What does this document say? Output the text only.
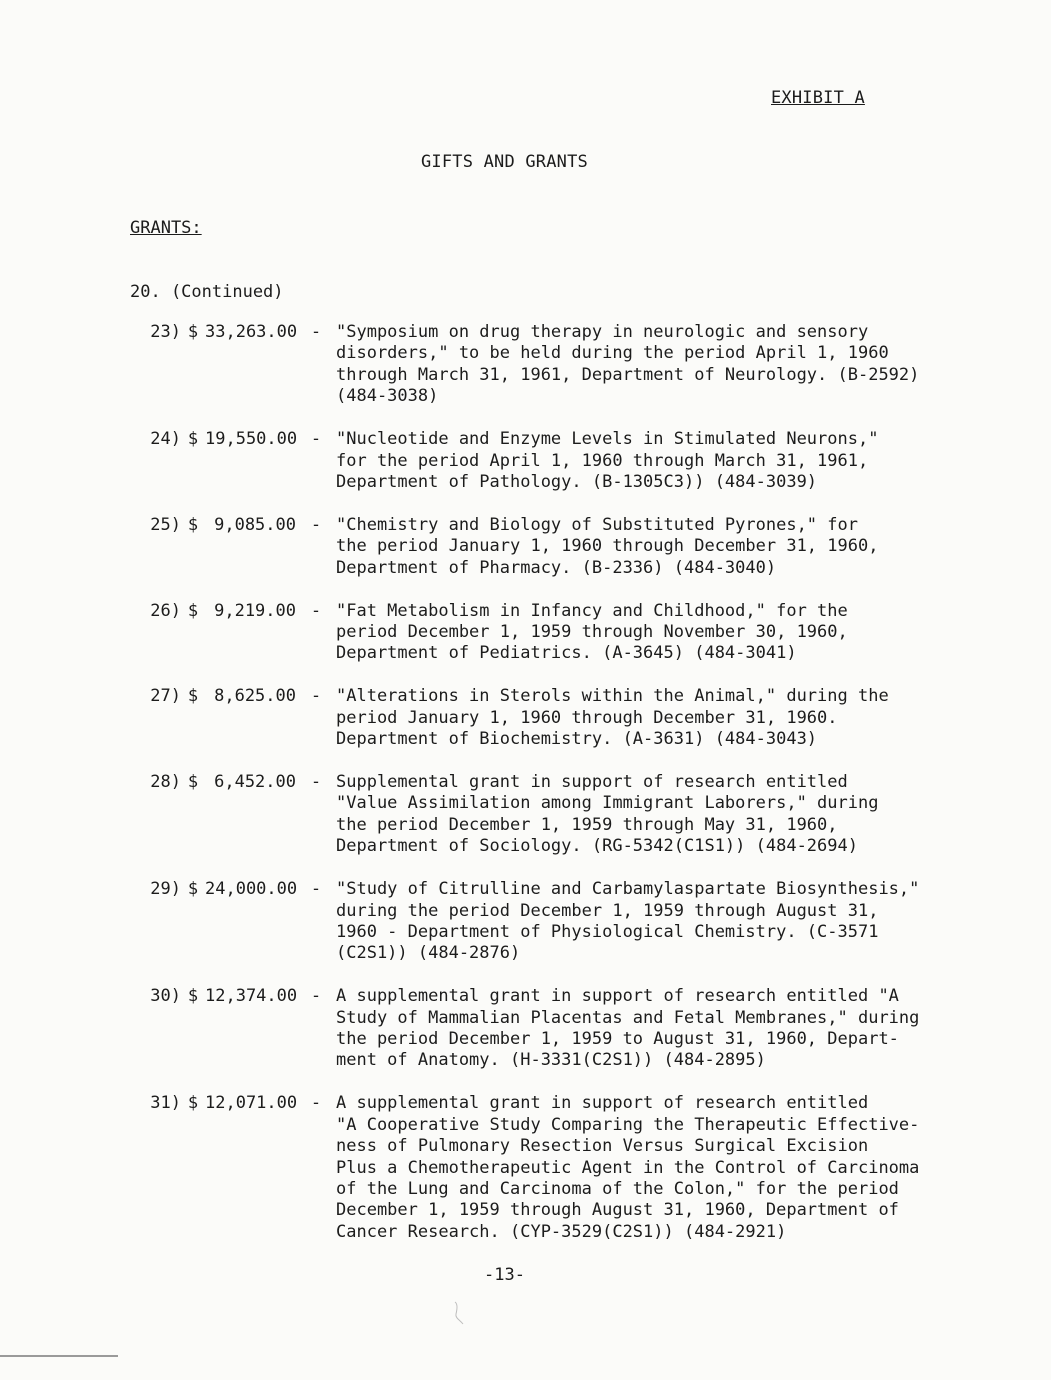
EXHIBIT A
GIFTS AND GRANTS
GRANTS:
20. (Continued)
23) $ 33,263.00 - "Symposium on drug therapy in neurologic and sensory
disorders," to be held during the period April 1, 1960
through March 31, 1961, Department of Neurology. (B-2592)
(484-3038)
24) $ 19,550.00 - "Nucleotide and Enzyme Levels in Stimulated Neurons,"
for the period April 1, 1960 through March 31, 1961,
Department of Pathology. (B-1305C3)) (484-3039)
25) $ 9,085.00 - "Chemistry and Biology of Substituted Pyrones," for
the period January 1, 1960 through December 31, 1960,
Department of Pharmacy. (B-2336) (484-3040)
26) $ 9,219.00 - "Fat Metabolism in Infancy and Childhood," for the
period December 1, 1959 through November 30, 1960,
Department of Pediatrics. (A-3645) (484-3041)
27) $ 8,625.00 - "Alterations in Sterols within the Animal," during the
period January 1, 1960 through December 31, 1960.
Department of Biochemistry. (A-3631) (484-3043)
28) $ 6,452.00 - Supplemental grant in support of research entitled
"Value Assimilation among Immigrant Laborers," during
the period December 1, 1959 through May 31, 1960,
Department of Sociology. (RG-5342(C1S1)) (484-2694)
29) $ 24,000.00 - "Study of Citrulline and Carbamylaspartate Biosynthesis,"
during the period December 1, 1959 through August 31,
1960 - Department of Physiological Chemistry. (C-3571
(C2S1)) (484-2876)
30) $ 12,374.00 - A supplemental grant in support of research entitled "A
Study of Mammalian Placentas and Fetal Membranes," during
the period December 1, 1959 to August 31, 1960, Depart-
ment of Anatomy. (H-3331(C2S1)) (484-2895)
31) $ 12,071.00 - A supplemental grant in support of research entitled
"A Cooperative Study Comparing the Therapeutic Effective-
ness of Pulmonary Resection Versus Surgical Excision
Plus a Chemotherapeutic Agent in the Control of Carcinoma
of the Lung and Carcinoma of the Colon," for the period
December 1, 1959 through August 31, 1960, Department of
Cancer Research. (CYP-3529(C2S1)) (484-2921)
-13-
